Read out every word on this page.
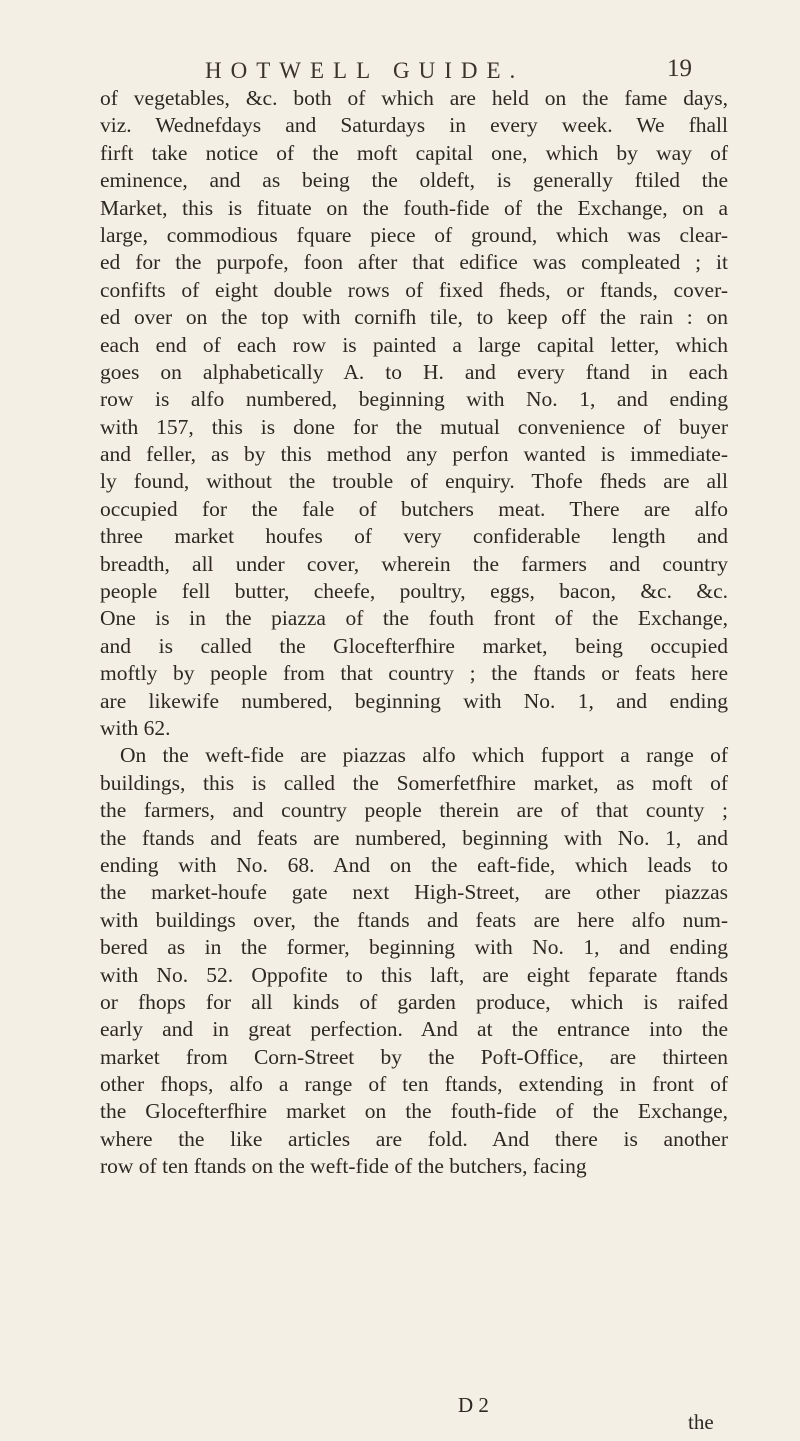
HOTWELL GUIDE.	19
of vegetables, &c. both of which are held on the fame days,
viz. Wednefdays and Saturdays in every week. We fhall
firft take notice of the moft capital one, which by way of
eminence, and as being the oldeft, is generally ftiled the
Market, this is fituate on the fouth-fide of the Exchange, on a
large, commodious fquare piece of ground, which was clear-
ed for the purpofe, foon after that edifice was compleated ; it
confifts of eight double rows of fixed fheds, or ftands, cover-
ed over on the top with cornifh tile, to keep off the rain : on
each end of each row is painted a large capital letter, which
goes on alphabetically A. to H. and every ftand in each
row is alfo numbered, beginning with No. 1, and ending
with 157, this is done for the mutual convenience of buyer
and feller, as by this method any perfon wanted is immediate-
ly found, without the trouble of enquiry. Thofe fheds are all
occupied for the fale of butchers meat. There are alfo
three market houfes of very confiderable length and
breadth, all under cover, wherein the farmers and country
people fell butter, cheefe, poultry, eggs, bacon, &c. &c.
One is in the piazza of the fouth front of the Exchange,
and is called the Glocefterfhire market, being occupied
moftly by people from that country ; the ftands or feats here
are likewife numbered, beginning with No. 1, and ending
with 62.
On the weft-fide are piazzas alfo which fupport a range of
buildings, this is called the Somerfetfhire market, as moft of
the farmers, and country people therein are of that county ;
the ftands and feats are numbered, beginning with No. 1, and
ending with No. 68. And on the eaft-fide, which leads to
the market-houfe gate next High-Street, are other piazzas
with buildings over, the ftands and feats are here alfo num-
bered as in the former, beginning with No. 1, and ending
with No. 52. Oppofite to this laft, are eight feparate ftands
or fhops for all kinds of garden produce, which is raifed
early and in great perfection. And at the entrance into the
market from Corn-Street by the Poft-Office, are thirteen
other fhops, alfo a range of ten ftands, extending in front of
the Glocefterfhire market on the fouth-fide of the Exchange,
where the like articles are fold. And there is another
row of ten ftands on the weft-fide of the butchers, facing
D 2
the
